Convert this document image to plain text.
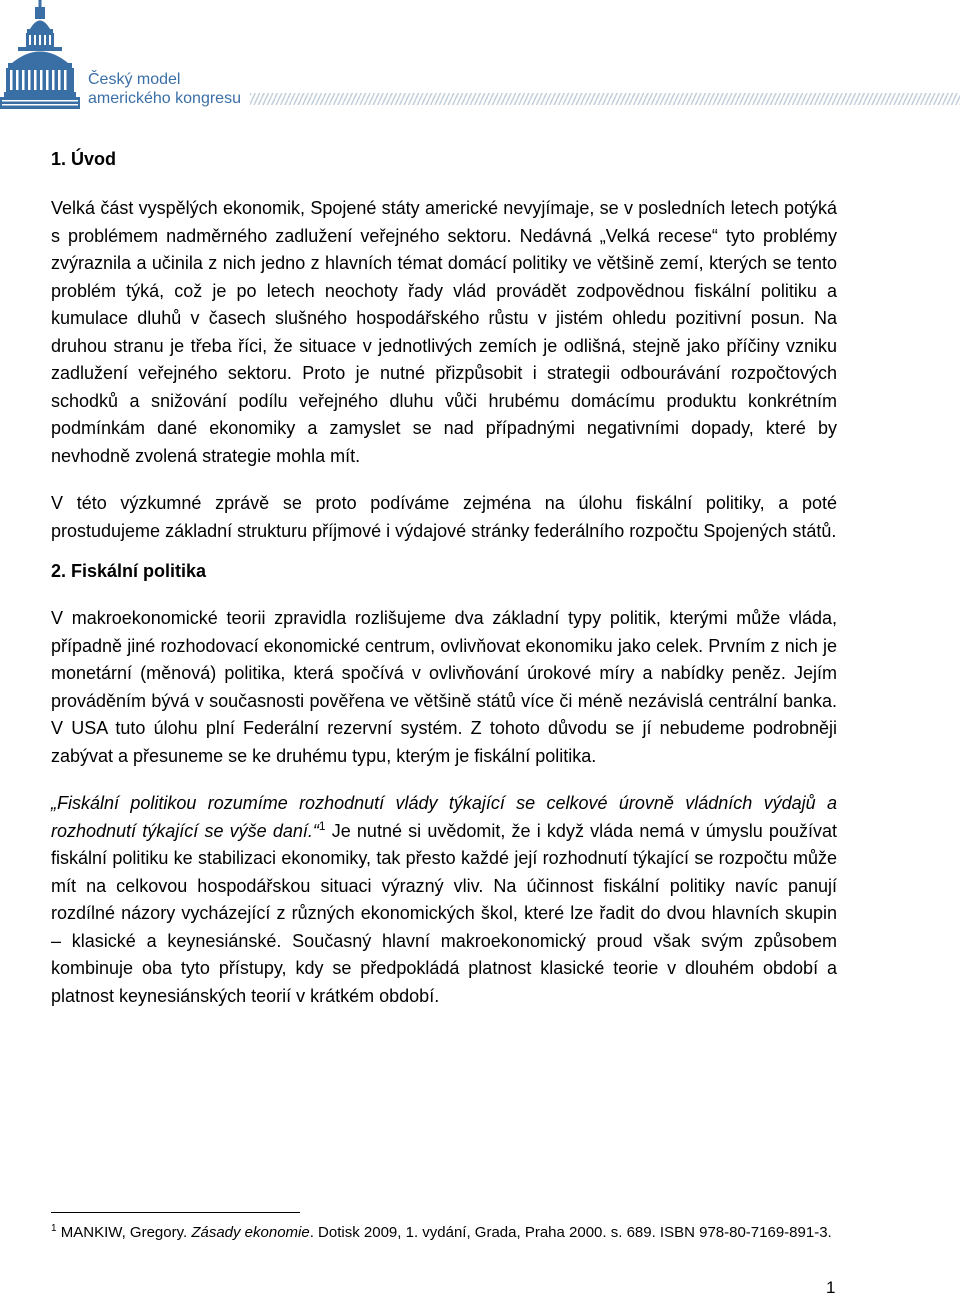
Český model
amerického kongresu
1. Úvod

Velká část vyspělých ekonomik, Spojené státy americké nevyjímaje, se v posledních letech potýká s problémem nadměrného zadlužení veřejného sektoru. Nedávná „Velká recese“ tyto problémy zvýraznila a učinila z nich jedno z hlavních témat domácí politiky ve většině zemí, kterých se tento problém týká, což je po letech neochoty řady vlád provádět zodpovědnou fiskální politiku a kumulace dluhů v časech slušného hospodářského růstu v jistém ohledu pozitivní posun. Na druhou stranu je třeba říci, že situace v jednotlivých zemích je odlišná, stejně jako příčiny vzniku zadlužení veřejného sektoru. Proto je nutné přizpůsobit i strategii odbourávání rozpočtových schodků a snižování podílu veřejného dluhu vůči hrubému domácímu produktu konkrétním podmínkám dané ekonomiky a zamyslet se nad případnými negativními dopady, které by nevhodně zvolená strategie mohla mít.

V této výzkumné zprávě se proto podíváme zejména na úlohu fiskální politiky, a poté prostudujeme základní strukturu příjmové i výdajové stránky federálního rozpočtu Spojených států.

2. Fiskální politika

V makroekonomické teorii zpravidla rozlišujeme dva základní typy politik, kterými může vláda, případně jiné rozhodovací ekonomické centrum, ovlivňovat ekonomiku jako celek. Prvním z nich je monetární (měnová) politika, která spočívá v ovlivňování úrokové míry a nabídky peněz. Jejím prováděním bývá v současnosti pověřena ve většině států více či méně nezávislá centrální banka. V USA tuto úlohu plní Federální rezervní systém. Z tohoto důvodu se jí nebudeme podrobněji zabývat a přesuneme se ke druhému typu, kterým je fiskální politika.

„Fiskální politikou rozumíme rozhodnutí vlády týkající se celkové úrovně vládních výdajů a rozhodnutí týkající se výše daní.“$^1$ Je nutné si uvědomit, že i když vláda nemá v úmyslu používat fiskální politiku ke stabilizaci ekonomiky, tak přesto každé její rozhodnutí týkající se rozpočtu může mít na celkovou hospodářskou situaci výrazný vliv. Na účinnost fiskální politiky navíc panují rozdílné názory vycházející z různých ekonomických škol, které lze řadit do dvou hlavních skupin – klasické a keynesiánské. Současný hlavní makroekonomický proud však svým způsobem kombinuje oba tyto přístupy, kdy se předpokládá platnost klasické teorie v dlouhém období a platnost keynesiánských teorií v krátkém období.

$^1$ MANKIW, Gregory. Zásady ekonomie. Dotisk 2009, 1. vydání, Grada, Praha 2000. s. 689. ISBN 978-80-7169-891-3.
1
